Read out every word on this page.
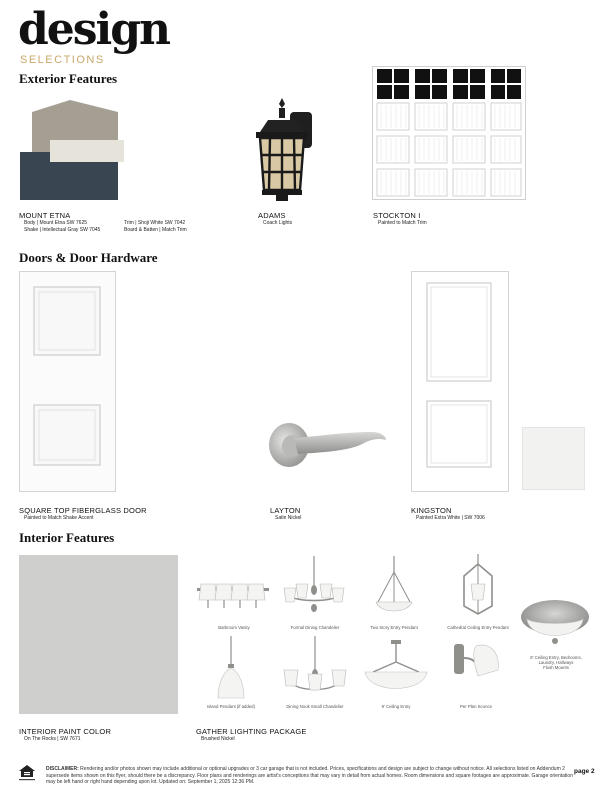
design
SELECTIONS
Exterior Features
MOUNT ETNA
Body | Mount Etna SW 7625
Shake | Intellectual Gray SW 7045
Trim | Shoji White SW 7042
Board & Batten | Match Trim
ADAMS
Coach Lights
STOCKTON I
Painted to Match Trim
Doors & Door Hardware
SQUARE TOP FIBERGLASS DOOR
Painted to Match Shake Accent
LAYTON
Satin Nickel
KINGSTON
Painted Extra White | SW 7006
Interior Features
INTERIOR PAINT COLOR
On The Rocks | SW 7671
Bathroom Vanity	Formal Dining Chandelier	Two Story Entry Pendant	Cathedral Ceiling Entry Pendant
8' Ceiling Entry, Bedrooms,
Laundry, Hallways
Flush Mounts
Island Pendant (if added)	Dining Nook Small Chandelier	9' Ceiling Entry	Per Plan Sconce
GATHER LIGHTING PACKAGE
Brushed Nickel
DISCLAIMER: Rendering and/or photos shown may include additional or optional upgrades or 3 car garage that is not included. Prices, specifications and design are subject to change without notice. All selections listed on Addendum 2 supersede items shown on this flyer, should there be a discrepancy. Floor plans and renderings are artist's conceptions that may vary in detail from actual homes. Room dimensions and square footages are approximate. Garage orientation may be left hand or right hand depending upon lot. Updated on: September 1, 2025 12:36 PM.
page 2
